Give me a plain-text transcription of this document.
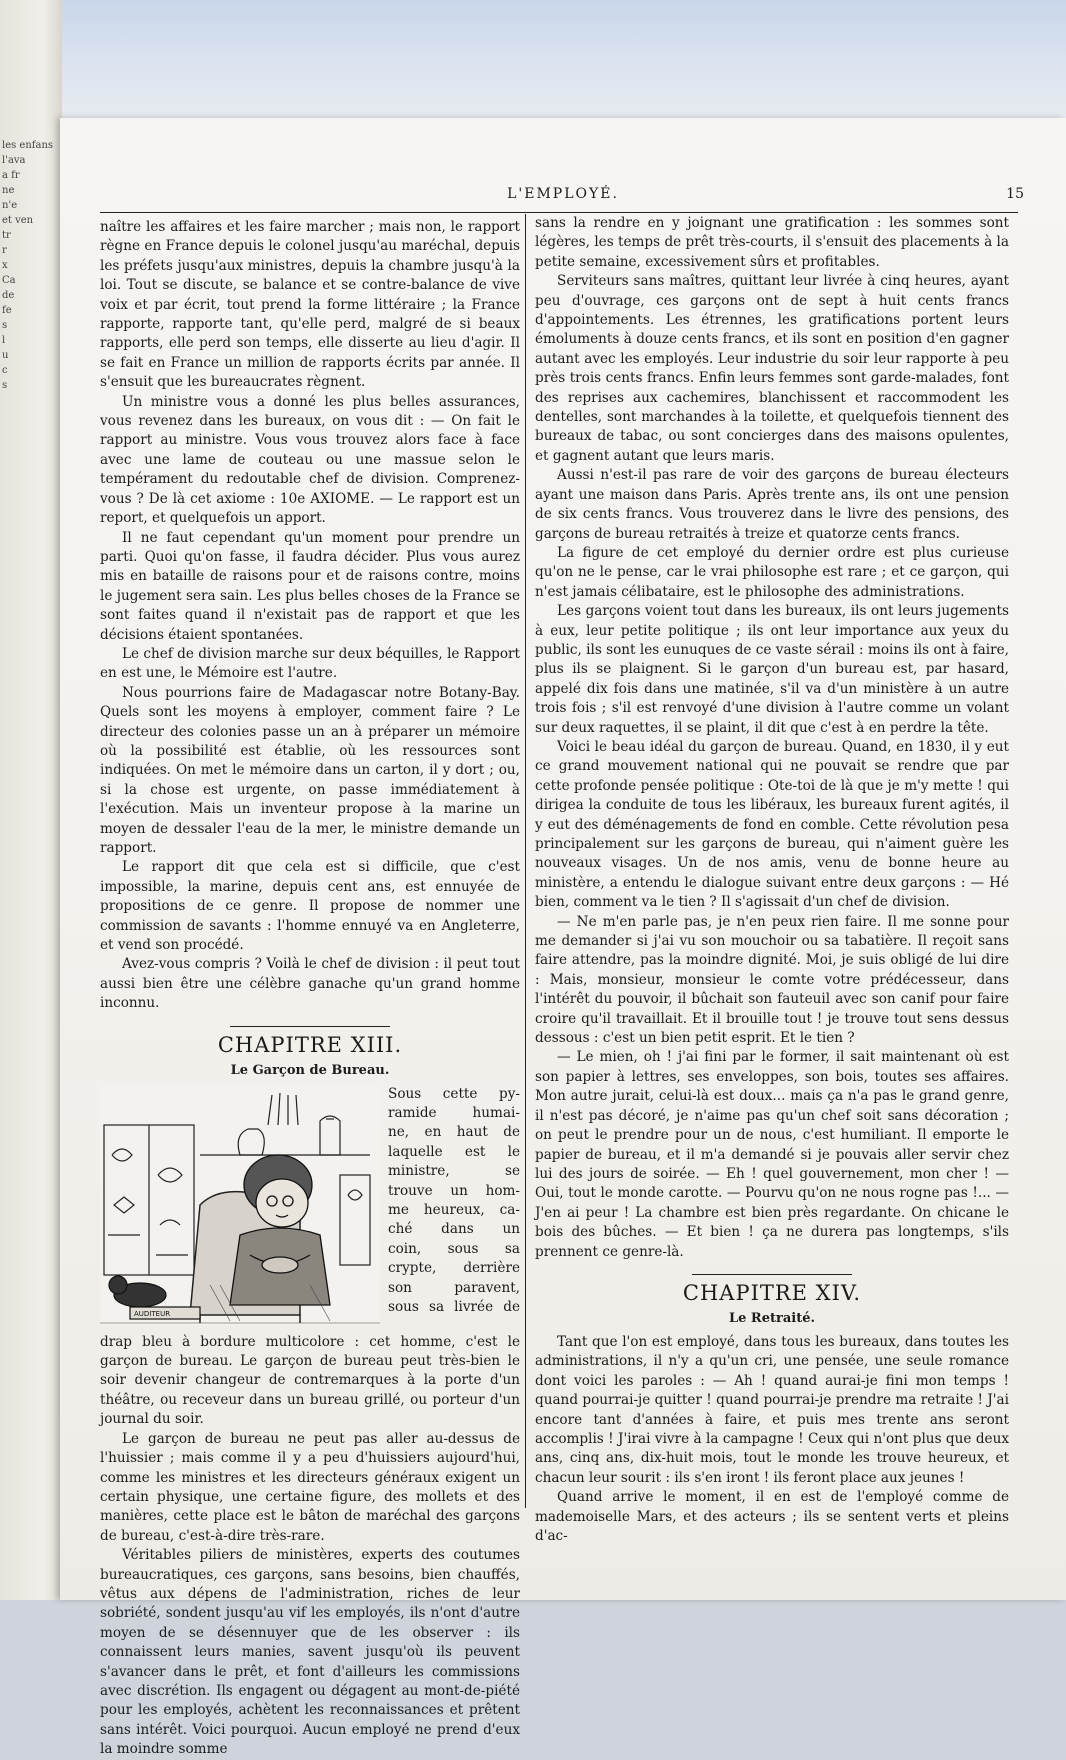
les enfans
l'ava
a fr
ne
n'e
et ven
tr
r
x
Ca
de
fe
s
l
u
c
s
L'EMPLOYÉ.	15

naître les affaires et les faire marcher ; mais non, le rapport règne en France depuis le colonel jusqu'au maréchal, depuis les préfets jusqu'aux ministres, depuis la chambre jusqu'à la loi. Tout se discute, se balance et se contre-balance de vive voix et par écrit, tout prend la forme littéraire ; la France rapporte, rapporte tant, qu'elle perd, malgré de si beaux rapports, elle perd son temps, elle disserte au lieu d'agir. Il se fait en France un million de rapports écrits par année. Il s'ensuit que les bureaucrates règnent.

Un ministre vous a donné les plus belles assurances, vous revenez dans les bureaux, on vous dit : — On fait le rapport au ministre. Vous vous trouvez alors face à face avec une lame de couteau ou une massue selon le tempérament du redoutable chef de division. Comprenez-vous ? De là cet axiome : 10e AXIOME. — Le rapport est un report, et quelquefois un apport.

Il ne faut cependant qu'un moment pour prendre un parti. Quoi qu'on fasse, il faudra décider. Plus vous aurez mis en bataille de raisons pour et de raisons contre, moins le jugement sera sain. Les plus belles choses de la France se sont faites quand il n'existait pas de rapport et que les décisions étaient spontanées.

Le chef de division marche sur deux béquilles, le Rapport en est une, le Mémoire est l'autre.

Nous pourrions faire de Madagascar notre Botany-Bay. Quels sont les moyens à employer, comment faire ? Le directeur des colonies passe un an à préparer un mémoire où la possibilité est établie, où les ressources sont indiquées. On met le mémoire dans un carton, il y dort ; ou, si la chose est urgente, on passe immédiatement à l'exécution. Mais un inventeur propose à la marine un moyen de dessaler l'eau de la mer, le ministre demande un rapport.

Le rapport dit que cela est si difficile, que c'est impossible, la marine, depuis cent ans, est ennuyée de propositions de ce genre. Il propose de nommer une commission de savants : l'homme ennuyé va en Angleterre, et vend son procédé.

Avez-vous compris ? Voilà le chef de division : il peut tout aussi bien être une célèbre ganache qu'un grand homme inconnu.

CHAPITRE XIII.
Le Garçon de Bureau.
AUDITEUR
Sous cette py-
ramide humai-
ne, en haut de
laquelle est le
ministre, se
trouve un hom-
me heureux, ca-
ché dans un
coin, sous sa
crypte, derrière
son paravent,
sous sa livrée de

drap bleu à bordure multicolore : cet homme, c'est le garçon de bureau. Le garçon de bureau peut très-bien le soir devenir changeur de contremarques à la porte d'un théâtre, ou receveur dans un bureau grillé, ou porteur d'un journal du soir.

Le garçon de bureau ne peut pas aller au-dessus de l'huissier ; mais comme il y a peu d'huissiers aujourd'hui, comme les ministres et les directeurs généraux exigent un certain physique, une certaine figure, des mollets et des manières, cette place est le bâton de maréchal des garçons de bureau, c'est-à-dire très-rare.

Véritables piliers de ministères, experts des coutumes bureaucratiques, ces garçons, sans besoins, bien chauffés, vêtus aux dépens de l'administration, riches de leur sobriété, sondent jusqu'au vif les employés, ils n'ont d'autre moyen de se désennuyer que de les observer : ils connaissent leurs manies, savent jusqu'où ils peuvent s'avancer dans le prêt, et font d'ailleurs les commissions avec discrétion. Ils engagent ou dégagent au mont-de-piété pour les employés, achètent les reconnaissances et prêtent sans intérêt. Voici pourquoi. Aucun employé ne prend d'eux la moindre somme

sans la rendre en y joignant une gratification : les sommes sont légères, les temps de prêt très-courts, il s'ensuit des placements à la petite semaine, excessivement sûrs et profitables.

Serviteurs sans maîtres, quittant leur livrée à cinq heures, ayant peu d'ouvrage, ces garçons ont de sept à huit cents francs d'appointements. Les étrennes, les gratifications portent leurs émoluments à douze cents francs, et ils sont en position d'en gagner autant avec les employés. Leur industrie du soir leur rapporte à peu près trois cents francs. Enfin leurs femmes sont garde-malades, font des reprises aux cachemires, blanchissent et raccommodent les dentelles, sont marchandes à la toilette, et quelquefois tiennent des bureaux de tabac, ou sont concierges dans des maisons opulentes, et gagnent autant que leurs maris.

Aussi n'est-il pas rare de voir des garçons de bureau électeurs ayant une maison dans Paris. Après trente ans, ils ont une pension de six cents francs. Vous trouverez dans le livre des pensions, des garçons de bureau retraités à treize et quatorze cents francs.

La figure de cet employé du dernier ordre est plus curieuse qu'on ne le pense, car le vrai philosophe est rare ; et ce garçon, qui n'est jamais célibataire, est le philosophe des administrations.

Les garçons voient tout dans les bureaux, ils ont leurs jugements à eux, leur petite politique ; ils ont leur importance aux yeux du public, ils sont les eunuques de ce vaste sérail : moins ils ont à faire, plus ils se plaignent. Si le garçon d'un bureau est, par hasard, appelé dix fois dans une matinée, s'il va d'un ministère à un autre trois fois ; s'il est renvoyé d'une division à l'autre comme un volant sur deux raquettes, il se plaint, il dit que c'est à en perdre la tête.

Voici le beau idéal du garçon de bureau. Quand, en 1830, il y eut ce grand mouvement national qui ne pouvait se rendre que par cette profonde pensée politique : Ote-toi de là que je m'y mette ! qui dirigea la conduite de tous les libéraux, les bureaux furent agités, il y eut des déménagements de fond en comble. Cette révolution pesa principalement sur les garçons de bureau, qui n'aiment guère les nouveaux visages. Un de nos amis, venu de bonne heure au ministère, a entendu le dialogue suivant entre deux garçons : — Hé bien, comment va le tien ? Il s'agissait d'un chef de division.

— Ne m'en parle pas, je n'en peux rien faire. Il me sonne pour me demander si j'ai vu son mouchoir ou sa tabatière. Il reçoit sans faire attendre, pas la moindre dignité. Moi, je suis obligé de lui dire : Mais, monsieur, monsieur le comte votre prédécesseur, dans l'intérêt du pouvoir, il bûchait son fauteuil avec son canif pour faire croire qu'il travaillait. Et il brouille tout ! je trouve tout sens dessus dessous : c'est un bien petit esprit. Et le tien ?

— Le mien, oh ! j'ai fini par le former, il sait maintenant où est son papier à lettres, ses enveloppes, son bois, toutes ses affaires. Mon autre jurait, celui-là est doux... mais ça n'a pas le grand genre, il n'est pas décoré, je n'aime pas qu'un chef soit sans décoration ; on peut le prendre pour un de nous, c'est humiliant. Il emporte le papier de bureau, et il m'a demandé si je pouvais aller servir chez lui des jours de soirée. — Eh ! quel gouvernement, mon cher ! — Oui, tout le monde carotte. — Pourvu qu'on ne nous rogne pas !... — J'en ai peur ! La chambre est bien près regardante. On chicane le bois des bûches. — Et bien ! ça ne durera pas longtemps, s'ils prennent ce genre-là.

CHAPITRE XIV.
Le Retraité.

Tant que l'on est employé, dans tous les bureaux, dans toutes les administrations, il n'y a qu'un cri, une pensée, une seule romance dont voici les paroles : — Ah ! quand aurai-je fini mon temps ! quand pourrai-je quitter ! quand pourrai-je prendre ma retraite ! J'ai encore tant d'années à faire, et puis mes trente ans seront accomplis ! J'irai vivre à la campagne ! Ceux qui n'ont plus que deux ans, cinq ans, dix-huit mois, tout le monde les trouve heureux, et chacun leur sourit : ils s'en iront ! ils feront place aux jeunes !

Quand arrive le moment, il en est de l'employé comme de mademoiselle Mars, et des acteurs ; ils se sentent verts et pleins d'ac-
